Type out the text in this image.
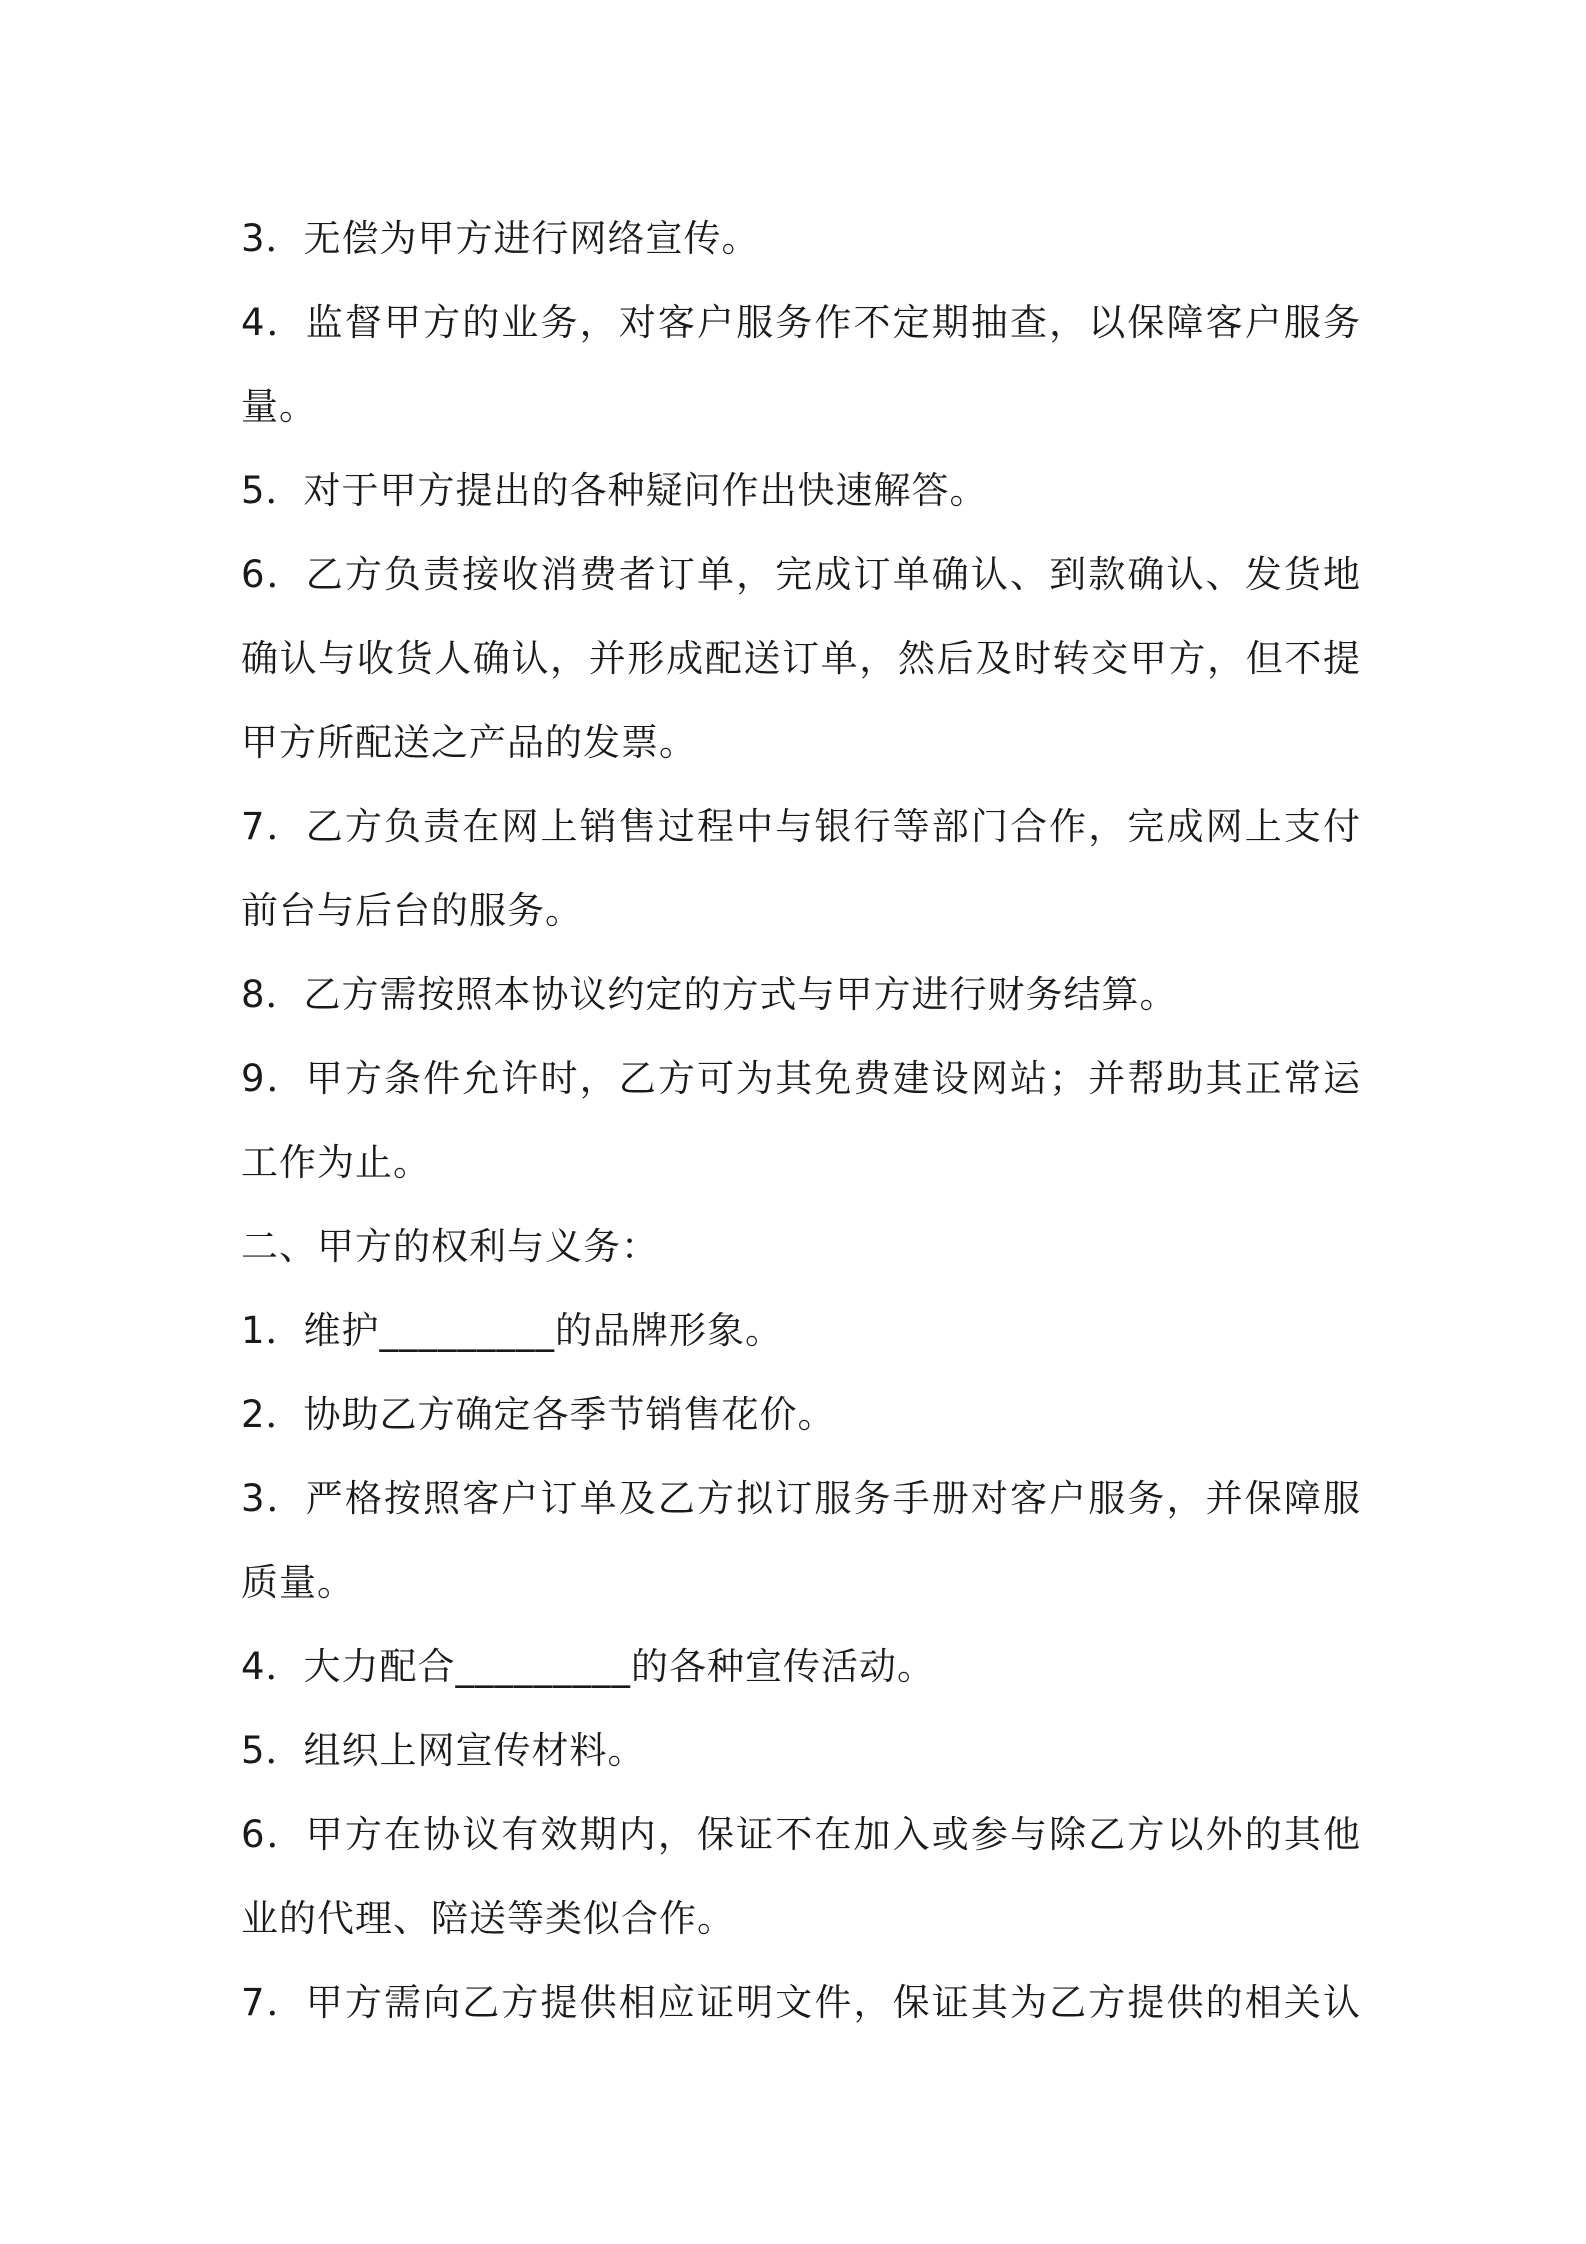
3．无偿为甲方进行网络宣传。
4．监督甲方的业务，对客户服务作不定期抽查，以保障客户服务
量。
5．对于甲方提出的各种疑问作出快速解答。
6．乙方负责接收消费者订单，完成订单确认、到款确认、发货地
确认与收货人确认，并形成配送订单，然后及时转交甲方，但不提
甲方所配送之产品的发票。
7．乙方负责在网上销售过程中与银行等部门合作，完成网上支付
前台与后台的服务。
8．乙方需按照本协议约定的方式与甲方进行财务结算。
9．甲方条件允许时，乙方可为其免费建设网站；并帮助其正常运
工作为止。
二、甲方的权利与义务：
1．维护_________的品牌形象。
2．协助乙方确定各季节销售花价。
3．严格按照客户订单及乙方拟订服务手册对客户服务，并保障服
质量。
4．大力配合_________的各种宣传活动。
5．组织上网宣传材料。
6．甲方在协议有效期内，保证不在加入或参与除乙方以外的其他
业的代理、陪送等类似合作。
7．甲方需向乙方提供相应证明文件，保证其为乙方提供的相关认
